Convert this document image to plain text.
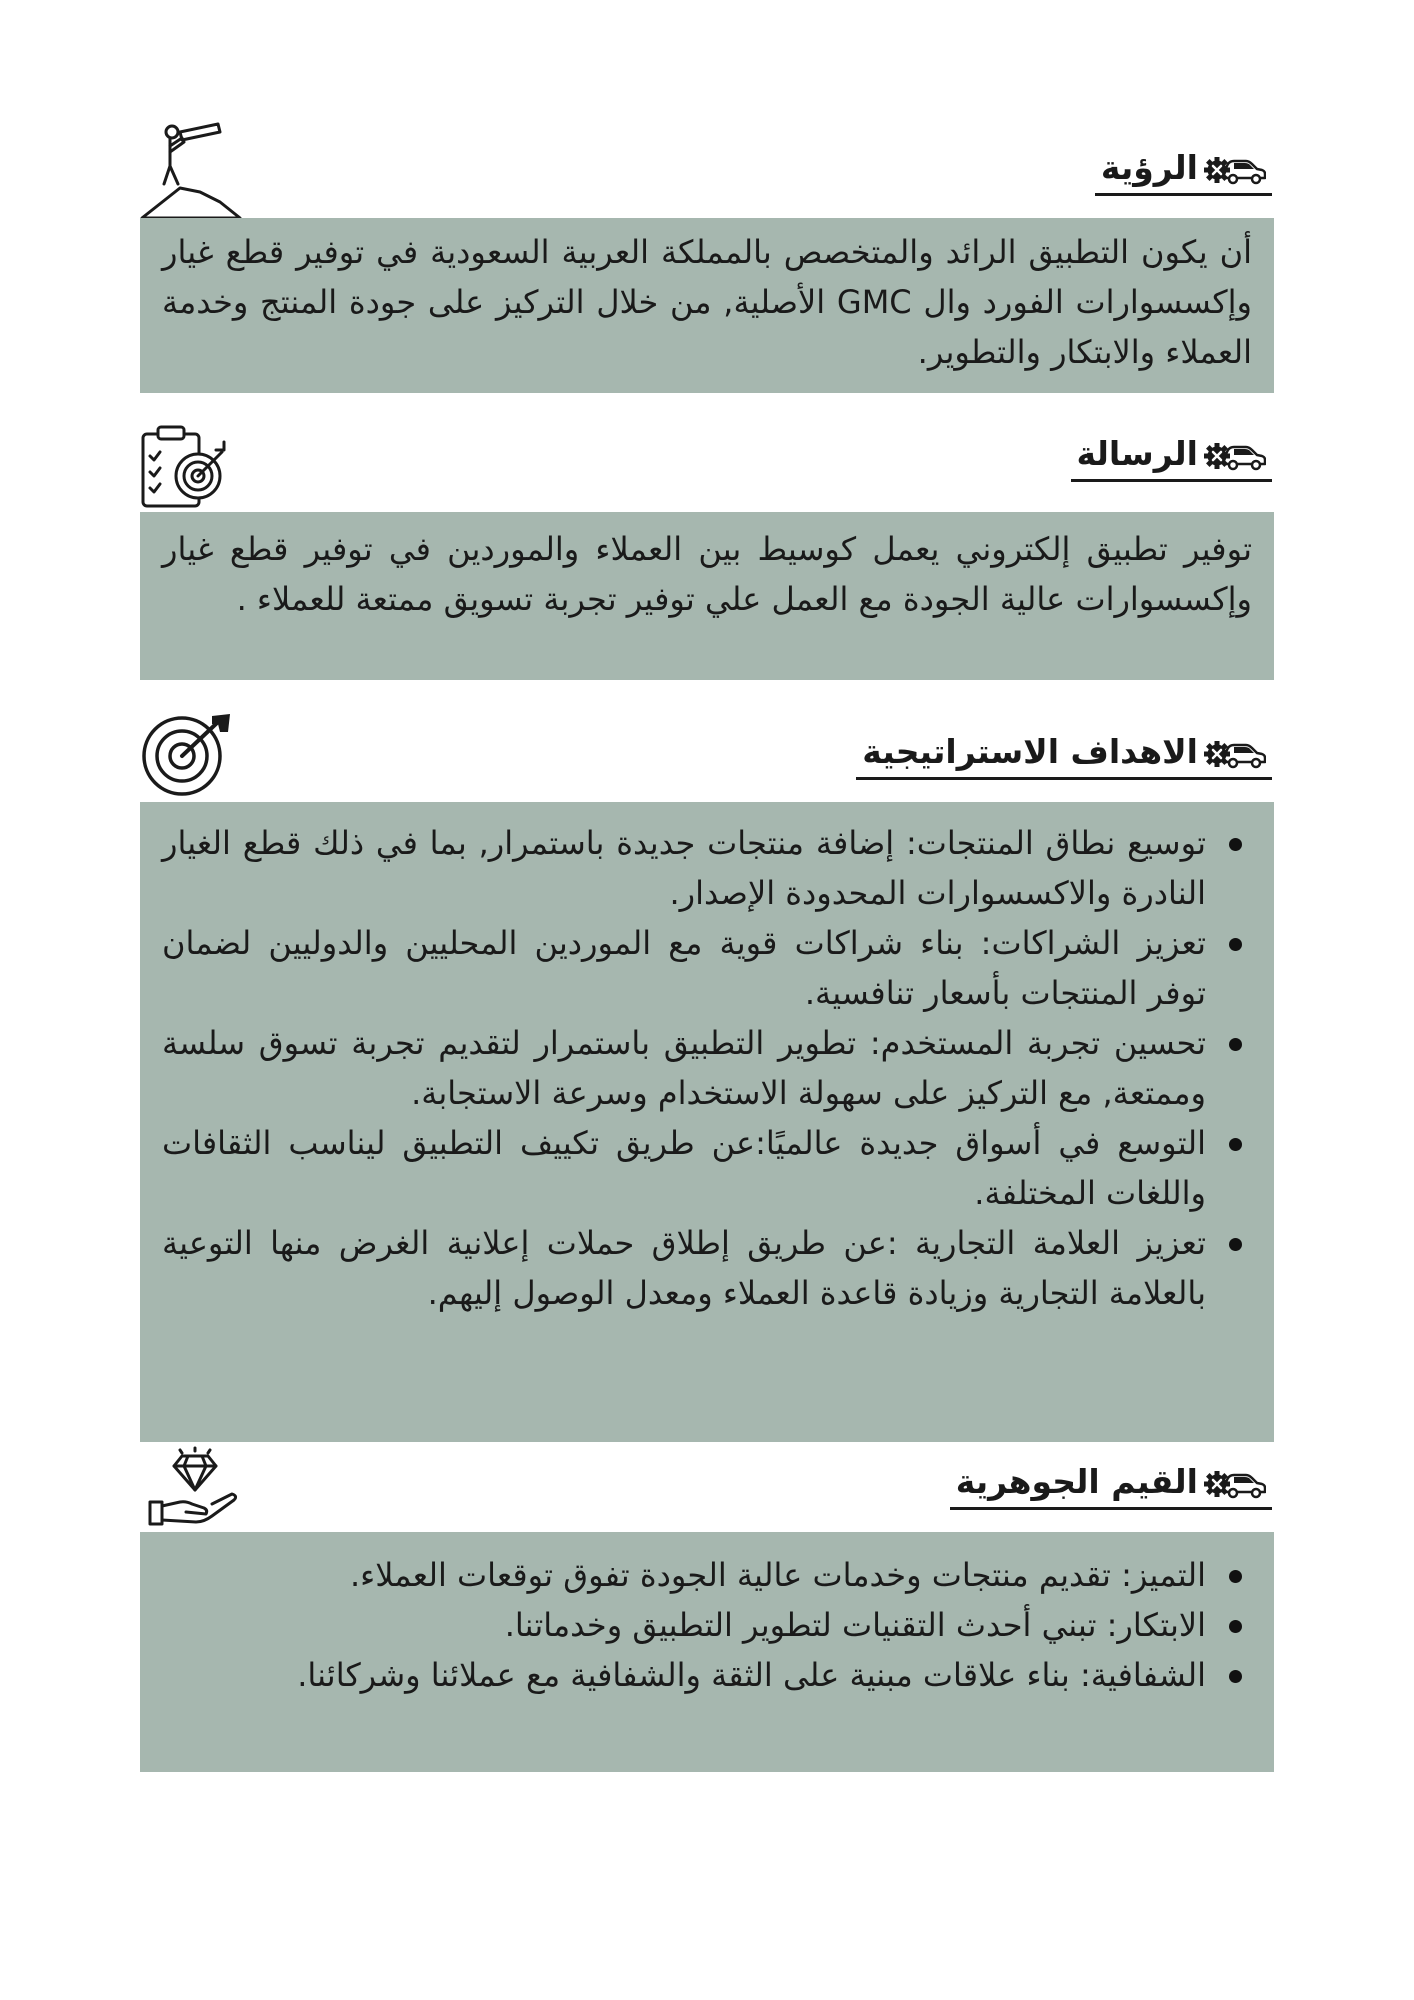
الرؤية

أن يكون التطبيق الرائد والمتخصص بالمملكة العربية السعودية في توفير قطع غيار وإكسسوارات الفورد وال GMC الأصلية, من خلال التركيز على جودة المنتج وخدمة العملاء والابتكار والتطوير.

الرسالة

توفير تطبيق إلكتروني يعمل كوسيط بين العملاء والموردين في توفير قطع غيار وإكسسوارات عالية الجودة مع العمل علي توفير تجربة تسويق ممتعة للعملاء .

الاهداف الاستراتيجية
توسيع نطاق المنتجات: إضافة منتجات جديدة باستمرار, بما في ذلك قطع الغيار النادرة والاكسسوارات المحدودة الإصدار.
تعزيز الشراكات: بناء شراكات قوية مع الموردين المحليين والدوليين لضمان توفر المنتجات بأسعار تنافسية.
تحسين تجربة المستخدم: تطوير التطبيق باستمرار لتقديم تجربة تسوق سلسة وممتعة, مع التركيز على سهولة الاستخدام وسرعة الاستجابة.
التوسع في أسواق جديدة عالميًا:عن طريق تكييف التطبيق ليناسب الثقافات واللغات المختلفة.
تعزيز العلامة التجارية :عن طريق إطلاق حملات إعلانية الغرض منها التوعية بالعلامة التجارية وزيادة قاعدة العملاء ومعدل الوصول إليهم.
القيم الجوهرية
التميز: تقديم منتجات وخدمات عالية الجودة تفوق توقعات العملاء.
الابتكار: تبني أحدث التقنيات لتطوير التطبيق وخدماتنا.
الشفافية: بناء علاقات مبنية على الثقة والشفافية مع عملائنا وشركائنا.
